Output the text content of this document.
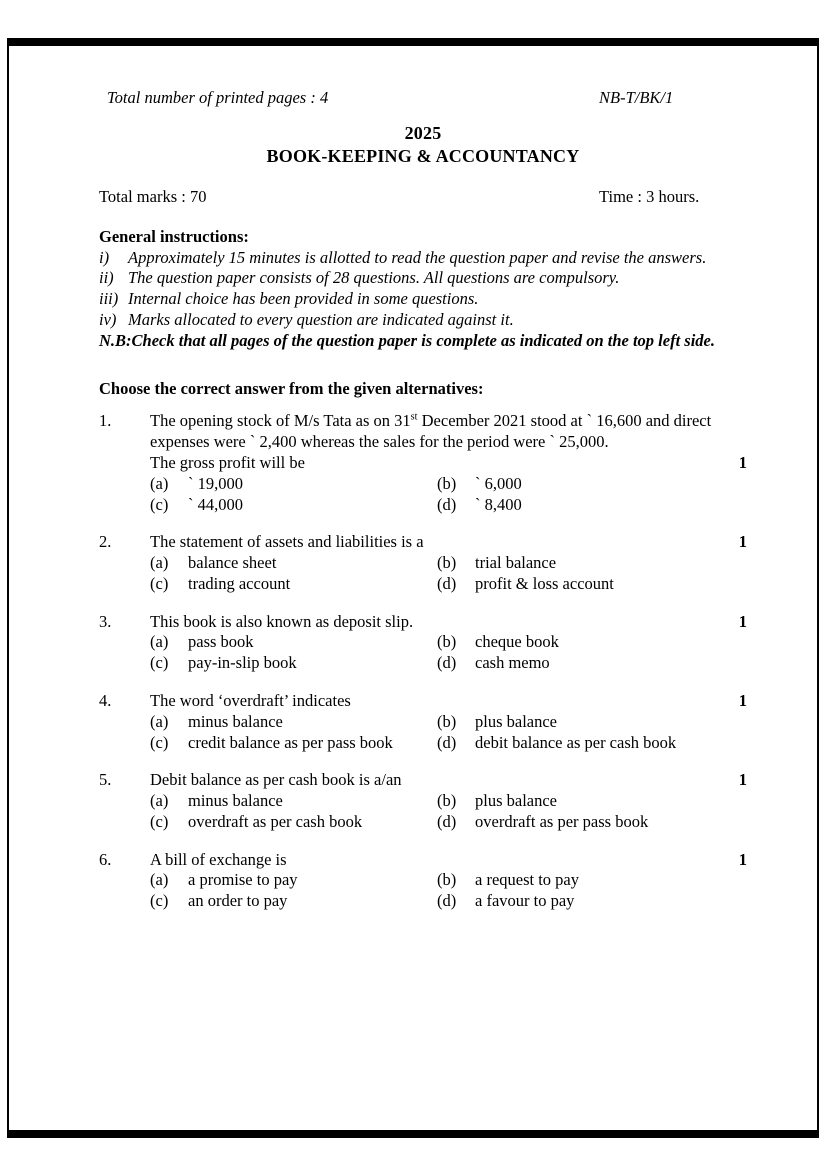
Total number of printed pages : 4	NB-T/BK/1
2025
BOOK-KEEPING & ACCOUNTANCY
Total marks : 70	Time : 3 hours.
General instructions:
i)	Approximately 15 minutes is allotted to read the question paper and revise the answers.
ii) The question paper consists of 28 questions. All questions are compulsory.
iii) Internal choice has been provided in some questions.
iv) Marks allocated to every question are indicated against it.
N.B:Check that all pages of the question paper is complete as indicated on the top left side.
Choose the correct answer from the given alternatives:
1.	The opening stock of M/s Tata as on 31st December 2021 stood at ` 16,600 and direct expenses were ` 2,400 whereas the sales for the period were ` 25,000.
The gross profit will be	1
(a)	` 19,000	(b)	` 6,000
(c)	` 44,000	(d)	` 8,400
2.	The statement of assets and liabilities is a	1
(a)	balance sheet	(b)	trial balance
(c)	trading account	(d)	profit & loss account
3.	This book is also known as deposit slip.	1
(a)	pass book	(b)	cheque book
(c)	pay-in-slip book	(d)	cash memo
4.	The word ‘overdraft’ indicates	1
(a)	minus balance	(b)	plus balance
(c)	credit balance as per pass book	(d)	debit balance as per cash book
5.	Debit balance as per cash book is a/an	1
(a)	minus balance	(b)	plus balance
(c)	overdraft as per cash book	(d)	overdraft as per pass book
6.	A bill of exchange is	1
(a)	a promise to pay	(b)	a request to pay
(c)	an order to pay	(d)	a favour to pay
